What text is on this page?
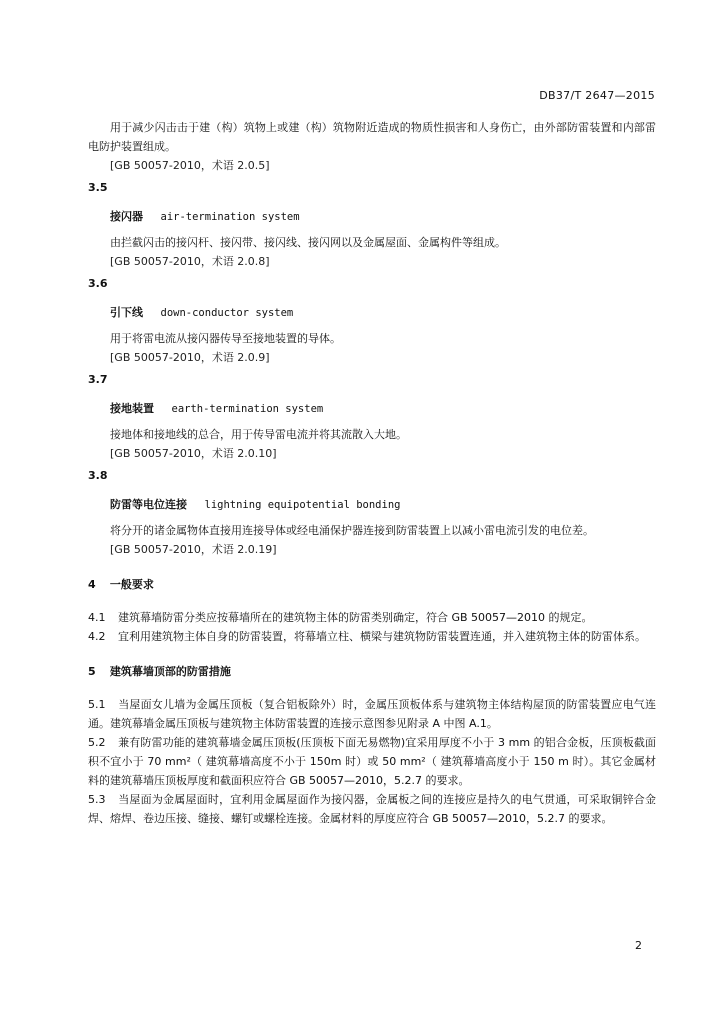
DB37/T 2647—2015

用于减少闪击击于建（构）筑物上或建（构）筑物附近造成的物质性损害和人身伤亡，由外部防雷装置和内部雷电防护装置组成。

[GB 50057-2010，术语 2.0.5]

3.5
接闪器 air-termination system

由拦截闪击的接闪杆、接闪带、接闪线、接闪网以及金属屋面、金属构件等组成。

[GB 50057-2010，术语 2.0.8]

3.6
引下线 down-conductor system

用于将雷电流从接闪器传导至接地装置的导体。

[GB 50057-2010，术语 2.0.9]

3.7
接地装置 earth-termination system

接地体和接地线的总合，用于传导雷电流并将其流散入大地。

[GB 50057-2010，术语 2.0.10]

3.8
防雷等电位连接 lightning equipotential bonding

将分开的诸金属物体直接用连接导体或经电涌保护器连接到防雷装置上以减小雷电流引发的电位差。

[GB 50057-2010，术语 2.0.19]

4 一般要求

4.1 建筑幕墙防雷分类应按幕墙所在的建筑物主体的防雷类别确定，符合 GB 50057—2010 的规定。

4.2 宜利用建筑物主体自身的防雷装置，将幕墙立柱、横梁与建筑物防雷装置连通，并入建筑物主体的防雷体系。

5 建筑幕墙顶部的防雷措施

5.1 当屋面女儿墙为金属压顶板（复合铝板除外）时，金属压顶板体系与建筑物主体结构屋顶的防雷装置应电气连通。建筑幕墙金属压顶板与建筑物主体防雷装置的连接示意图参见附录 A 中图 A.1。

5.2 兼有防雷功能的建筑幕墙金属压顶板(压顶板下面无易燃物)宜采用厚度不小于 3 mm 的铝合金板，压顶板截面积不宜小于 70 mm²（ 建筑幕墙高度不小于 150m 时）或 50 mm²（ 建筑幕墙高度小于 150 m 时）。其它金属材料的建筑幕墙压顶板厚度和截面积应符合 GB 50057—2010，5.2.7 的要求。

5.3 当屋面为金属屋面时，宜利用金属屋面作为接闪器，金属板之间的连接应是持久的电气贯通，可采取铜锌合金焊、熔焊、卷边压接、缝接、螺钉或螺栓连接。金属材料的厚度应符合 GB 50057—2010，5.2.7 的要求。

2
